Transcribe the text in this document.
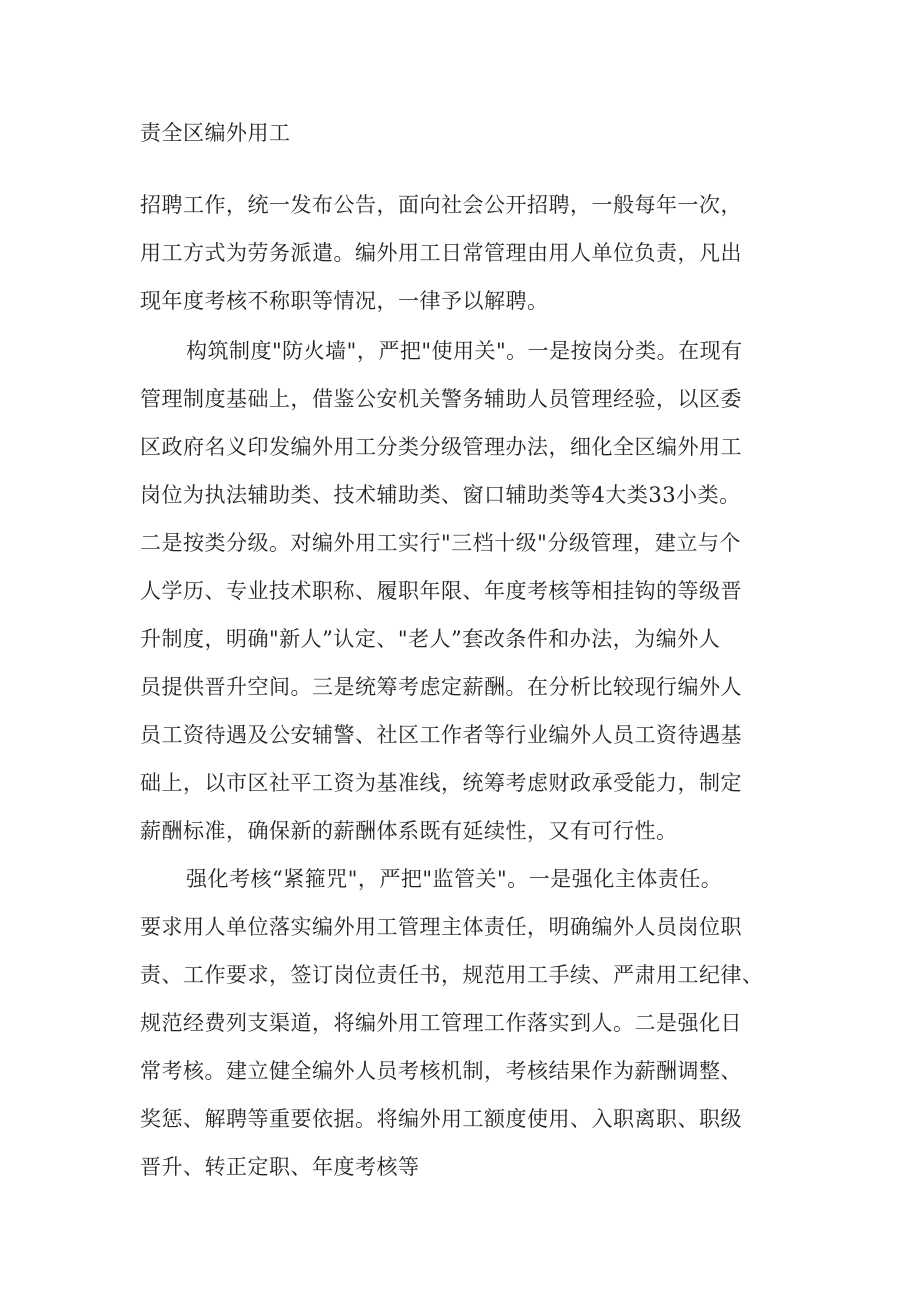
责全区编外用工
招聘工作，统一发布公告，面向社会公开招聘，一般每年一次，
用工方式为劳务派遣。编外用工日常管理由用人单位负责，凡出
现年度考核不称职等情况，一律予以解聘。
构筑制度"防火墙"，严把"使用关"。一是按岗分类。在现有
管理制度基础上，借鉴公安机关警务辅助人员管理经验，以区委
区政府名义印发编外用工分类分级管理办法，细化全区编外用工
岗位为执法辅助类、技术辅助类、窗口辅助类等4大类33小类。
二是按类分级。对编外用工实行"三档十级"分级管理，建立与个
人学历、专业技术职称、履职年限、年度考核等相挂钩的等级晋
升制度，明确"新人”认定、"老人”套改条件和办法，为编外人
员提供晋升空间。三是统筹考虑定薪酬。在分析比较现行编外人
员工资待遇及公安辅警、社区工作者等行业编外人员工资待遇基
础上，以市区社平工资为基准线，统筹考虑财政承受能力，制定
薪酬标准，确保新的薪酬体系既有延续性，又有可行性。
强化考核“紧箍咒"，严把"监管关"。一是强化主体责任。
要求用人单位落实编外用工管理主体责任，明确编外人员岗位职
责、工作要求，签订岗位责任书，规范用工手续、严肃用工纪律、
规范经费列支渠道，将编外用工管理工作落实到人。二是强化日
常考核。建立健全编外人员考核机制，考核结果作为薪酬调整、
奖惩、解聘等重要依据。将编外用工额度使用、入职离职、职级
晋升、转正定职、年度考核等
